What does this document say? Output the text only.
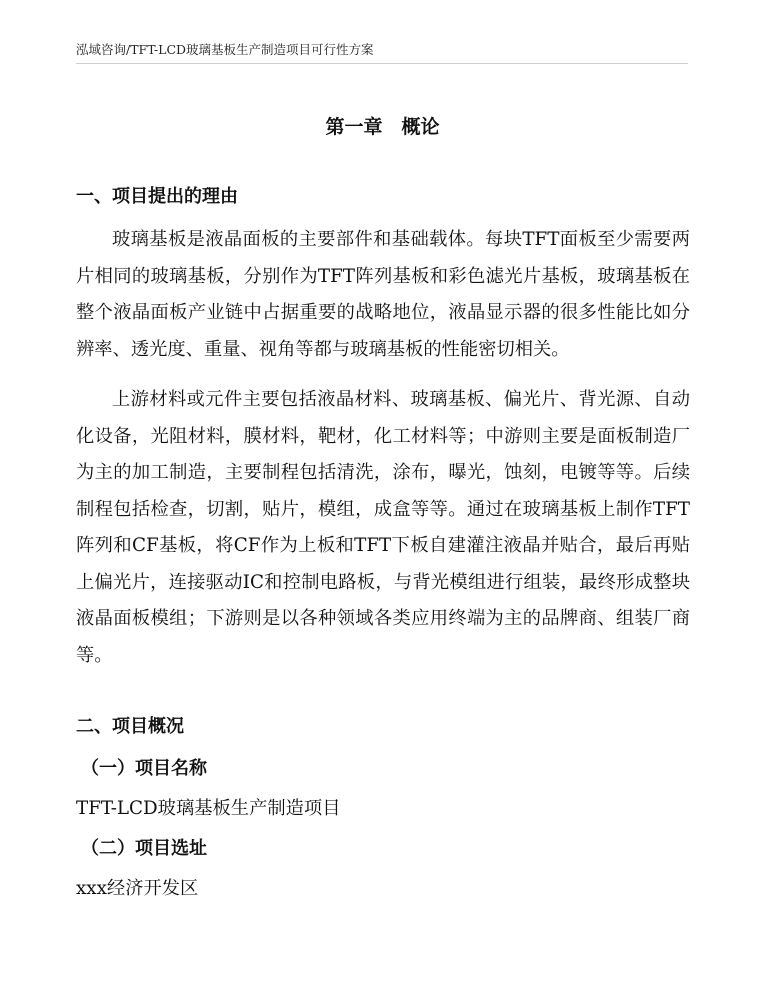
泓域咨询/TFT-LCD玻璃基板生产制造项目可行性方案
第一章　概论
一、项目提出的理由

玻璃基板是液晶面板的主要部件和基础载体。每块TFT面板至少需要两片相同的玻璃基板，分别作为TFT阵列基板和彩色滤光片基板，玻璃基板在整个液晶面板产业链中占据重要的战略地位，液晶显示器的很多性能比如分辨率、透光度、重量、视角等都与玻璃基板的性能密切相关。

上游材料或元件主要包括液晶材料、玻璃基板、偏光片、背光源、自动化设备，光阻材料，膜材料，靶材，化工材料等；中游则主要是面板制造厂为主的加工制造，主要制程包括清洗，涂布，曝光，蚀刻，电镀等等。后续制程包括检查，切割，贴片，模组，成盒等等。通过在玻璃基板上制作TFT阵列和CF基板，将CF作为上板和TFT下板自建灌注液晶并贴合，最后再贴上偏光片，连接驱动IC和控制电路板，与背光模组进行组装，最终形成整块液晶面板模组；下游则是以各种领域各类应用终端为主的品牌商、组装厂商等。

二、项目概况
（一）项目名称
TFT-LCD玻璃基板生产制造项目
（二）项目选址
xxx经济开发区
